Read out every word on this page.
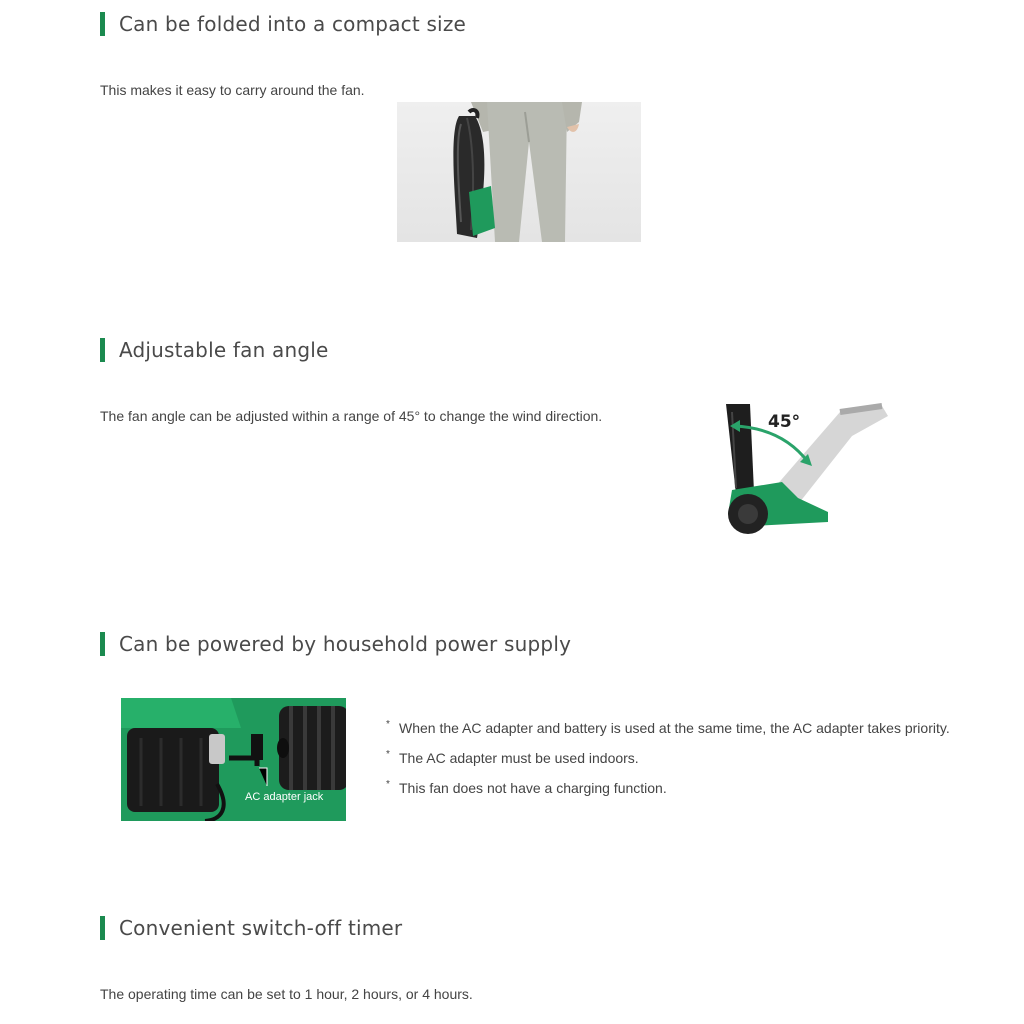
Can be folded into a compact size
This makes it easy to carry around the fan.
Adjustable fan angle
The fan angle can be adjusted within a range of 45° to change the wind direction.	45°
Can be powered by household power supply
AC adapter jack
* When the AC adapter and battery is used at the same time, the AC adapter takes priority.
* The AC adapter must be used indoors.
* This fan does not have a charging function.
Convenient switch-off timer
The operating time can be set to 1 hour, 2 hours, or 4 hours.
